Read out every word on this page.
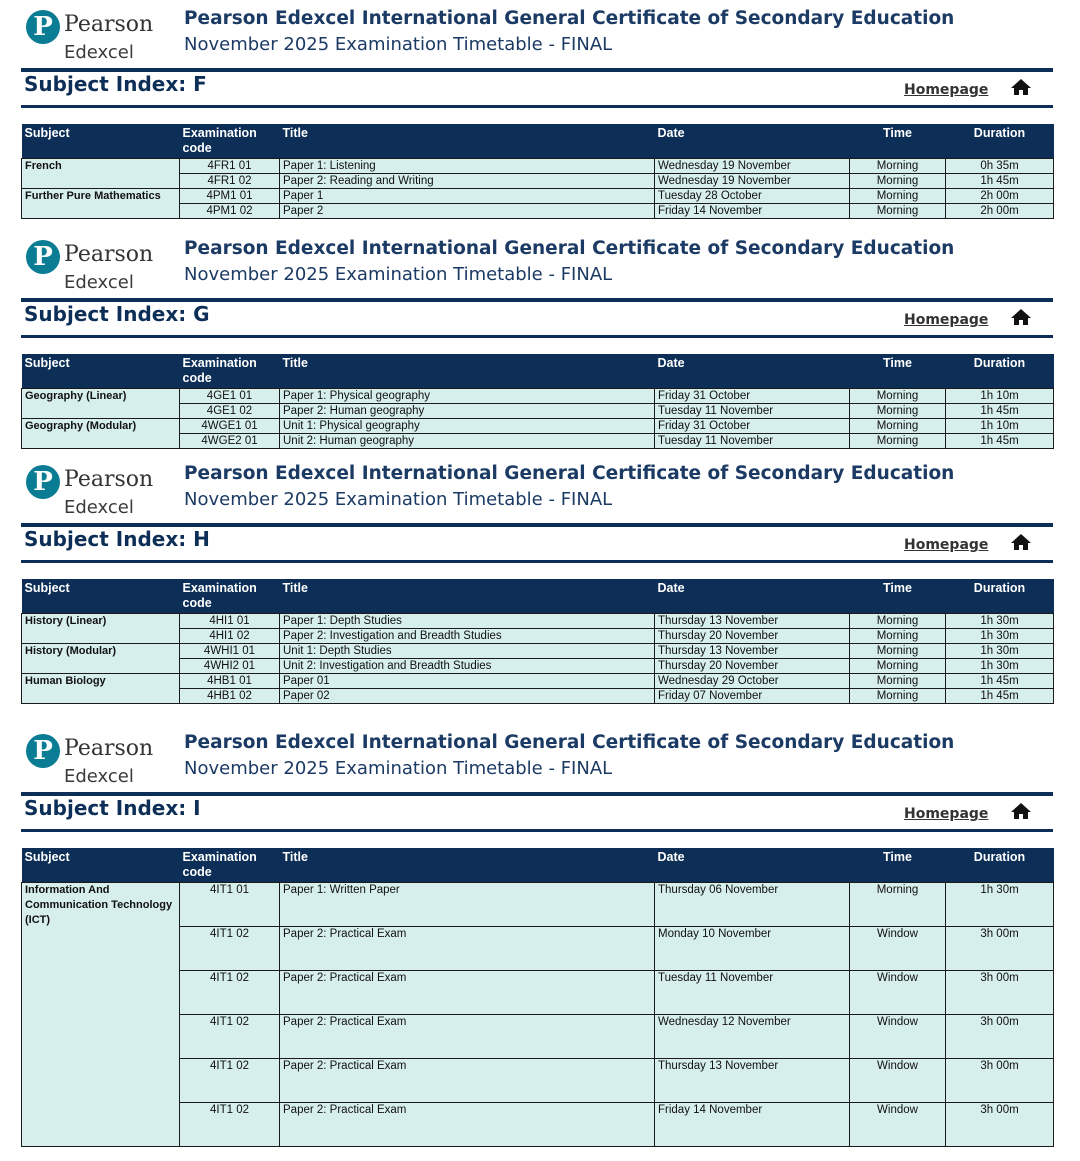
P Pearson
Edexcel
Pearson Edexcel International General Certificate of Secondary Education
November 2025 Examination Timetable - FINAL
Subject Index: F	Homepage
Subject	Examination code	Title	Date	Time	Duration
French	4FR1 01	Paper 1: Listening	Wednesday 19 November	Morning	0h 35m
	4FR1 02	Paper 2: Reading and Writing	Wednesday 19 November	Morning	1h 45m
Further Pure Mathematics	4PM1 01	Paper 1	Tuesday 28 October	Morning	2h 00m
	4PM1 02	Paper 2	Friday 14 November	Morning	2h 00m
P Pearson
Edexcel
Pearson Edexcel International General Certificate of Secondary Education
November 2025 Examination Timetable - FINAL
Subject Index: G	Homepage
Subject	Examination code	Title	Date	Time	Duration
Geography (Linear)	4GE1 01	Paper 1: Physical geography	Friday 31 October	Morning	1h 10m
	4GE1 02	Paper 2: Human geography	Tuesday 11 November	Morning	1h 45m
Geography (Modular)	4WGE1 01	Unit 1: Physical geography	Friday 31 October	Morning	1h 10m
	4WGE2 01	Unit 2: Human geography	Tuesday 11 November	Morning	1h 45m
P Pearson
Edexcel
Pearson Edexcel International General Certificate of Secondary Education
November 2025 Examination Timetable - FINAL
Subject Index: H	Homepage
Subject	Examination code	Title	Date	Time	Duration
History (Linear)	4HI1 01	Paper 1: Depth Studies	Thursday 13 November	Morning	1h 30m
	4HI1 02	Paper 2: Investigation and Breadth Studies	Thursday 20 November	Morning	1h 30m
History (Modular)	4WHI1 01	Unit 1: Depth Studies	Thursday 13 November	Morning	1h 30m
	4WHI2 01	Unit 2: Investigation and Breadth Studies	Thursday 20 November	Morning	1h 30m
Human Biology	4HB1 01	Paper 01	Wednesday 29 October	Morning	1h 45m
	4HB1 02	Paper 02	Friday 07 November	Morning	1h 45m
P Pearson
Edexcel
Pearson Edexcel International General Certificate of Secondary Education
November 2025 Examination Timetable - FINAL
Subject Index: I	Homepage
Subject	Examination code	Title	Date	Time	Duration
Information And Communication Technology (ICT)	4IT1 01	Paper 1: Written Paper	Thursday 06 November	Morning	1h 30m
	4IT1 02	Paper 2: Practical Exam	Monday 10 November	Window	3h 00m
	4IT1 02	Paper 2: Practical Exam	Tuesday 11 November	Window	3h 00m
	4IT1 02	Paper 2: Practical Exam	Wednesday 12 November	Window	3h 00m
	4IT1 02	Paper 2: Practical Exam	Thursday 13 November	Window	3h 00m
	4IT1 02	Paper 2: Practical Exam	Friday 14 November	Window	3h 00m
